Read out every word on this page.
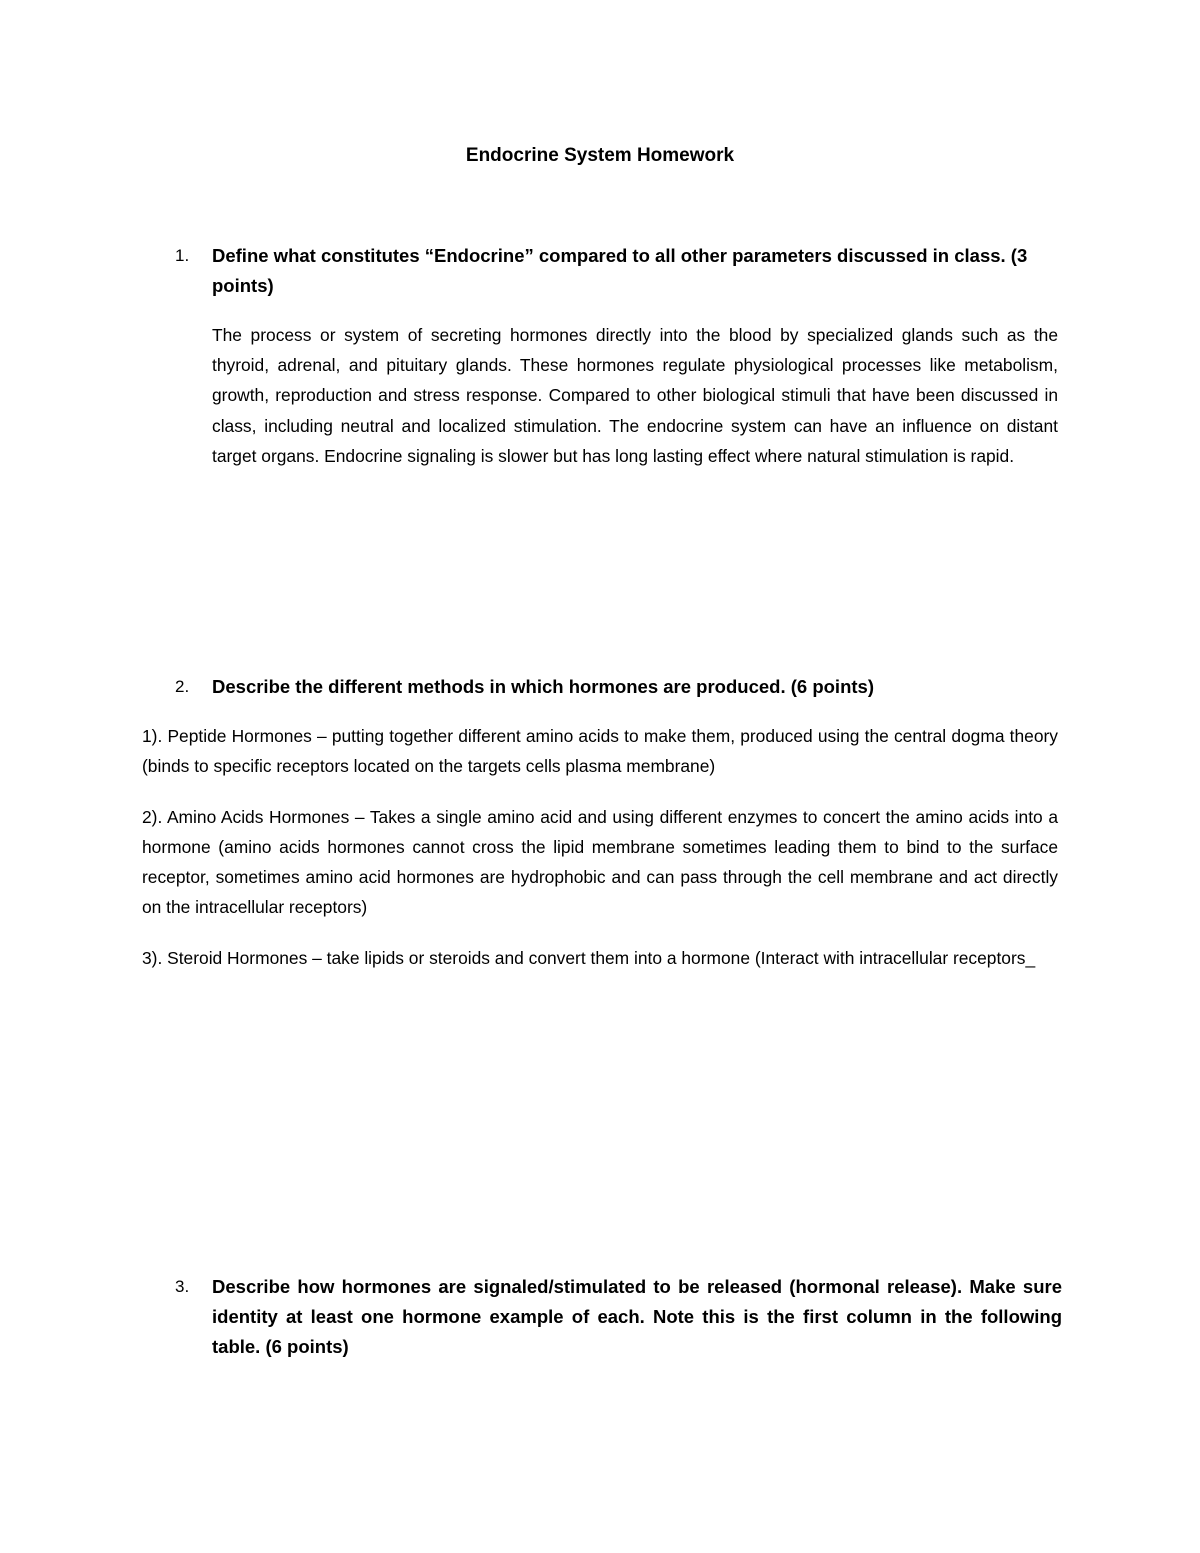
Endocrine System Homework
1. Define what constitutes “Endocrine” compared to all other parameters discussed in class. (3 points)
The process or system of secreting hormones directly into the blood by specialized glands such as the thyroid, adrenal, and pituitary glands. These hormones regulate physiological processes like metabolism, growth, reproduction and stress response. Compared to other biological stimuli that have been discussed in class, including neutral and localized stimulation. The endocrine system can have an influence on distant target organs. Endocrine signaling is slower but has long lasting effect where natural stimulation is rapid.
2. Describe the different methods in which hormones are produced. (6 points)
1). Peptide Hormones – putting together different amino acids to make them, produced using the central dogma theory (binds to specific receptors located on the targets cells plasma membrane)
2). Amino Acids Hormones – Takes a single amino acid and using different enzymes to concert the amino acids into a hormone (amino acids hormones cannot cross the lipid membrane sometimes leading them to bind to the surface receptor, sometimes amino acid hormones are hydrophobic and can pass through the cell membrane and act directly on the intracellular receptors)
3). Steroid Hormones – take lipids or steroids and convert them into a hormone (Interact with intracellular receptors_
3. Describe how hormones are signaled/stimulated to be released (hormonal release). Make sure identity at least one hormone example of each. Note this is the first column in the following table. (6 points)
